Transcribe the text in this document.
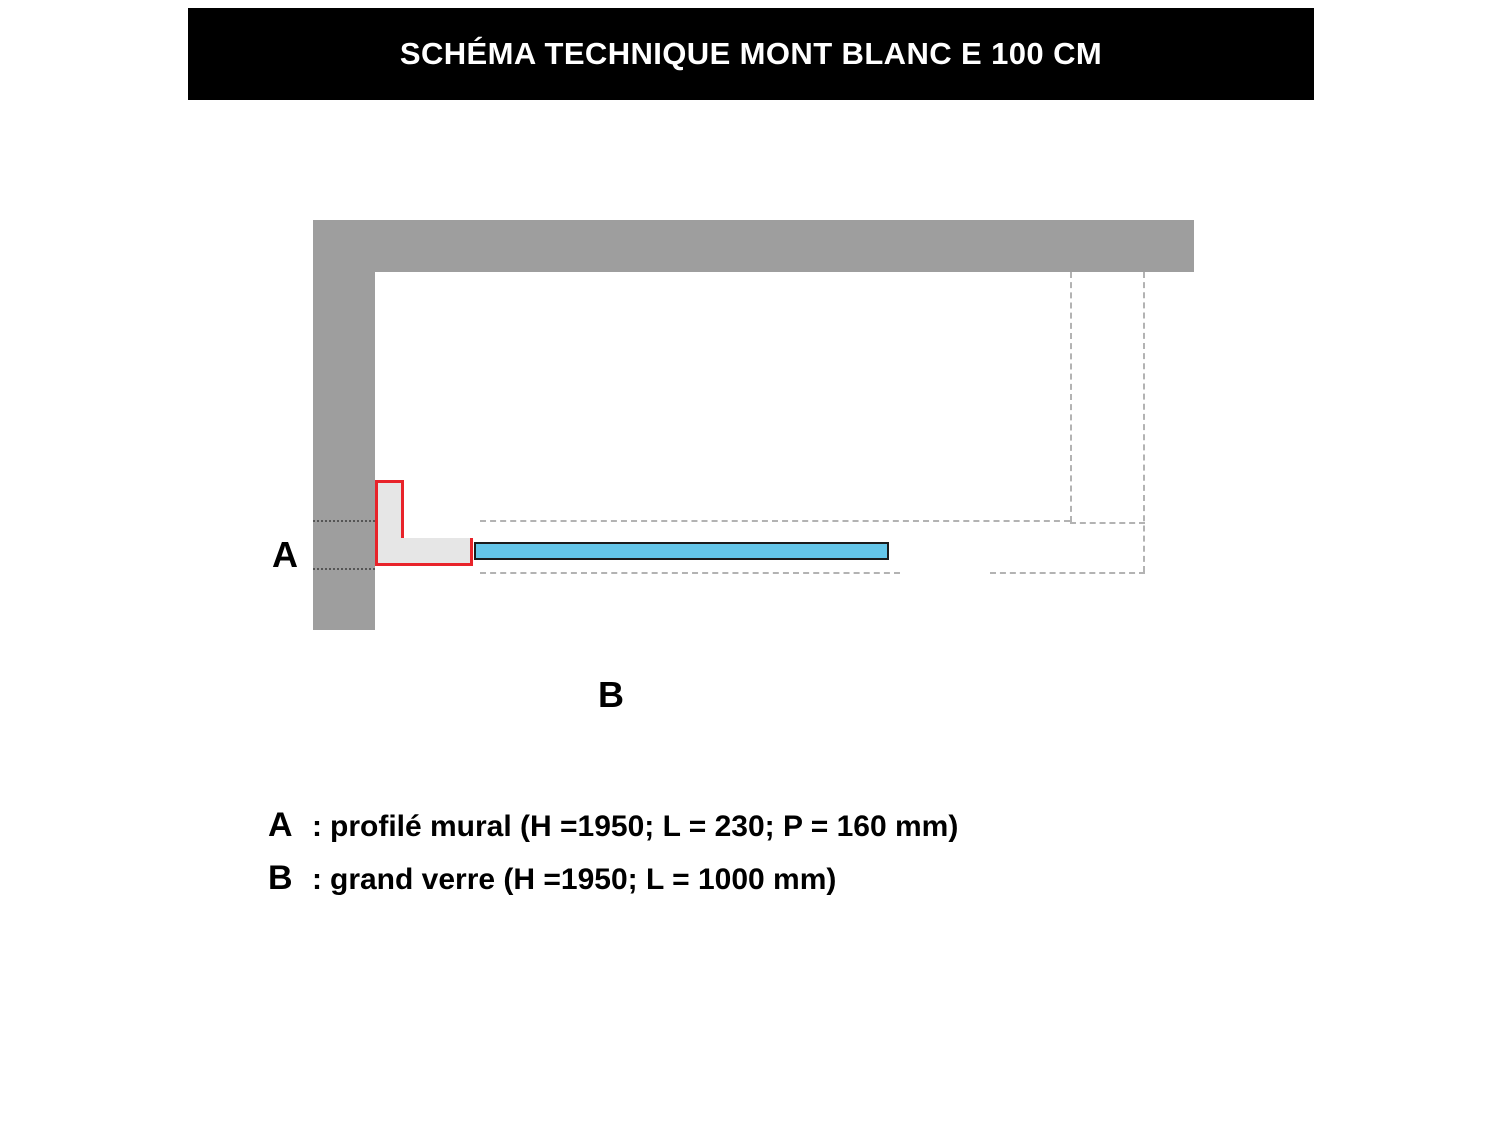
SCHÉMA TECHNIQUE MONT BLANC E 100 CM
A
B
A : profilé mural (H =1950; L = 230; P = 160 mm)
B : grand verre (H =1950; L = 1000 mm)
